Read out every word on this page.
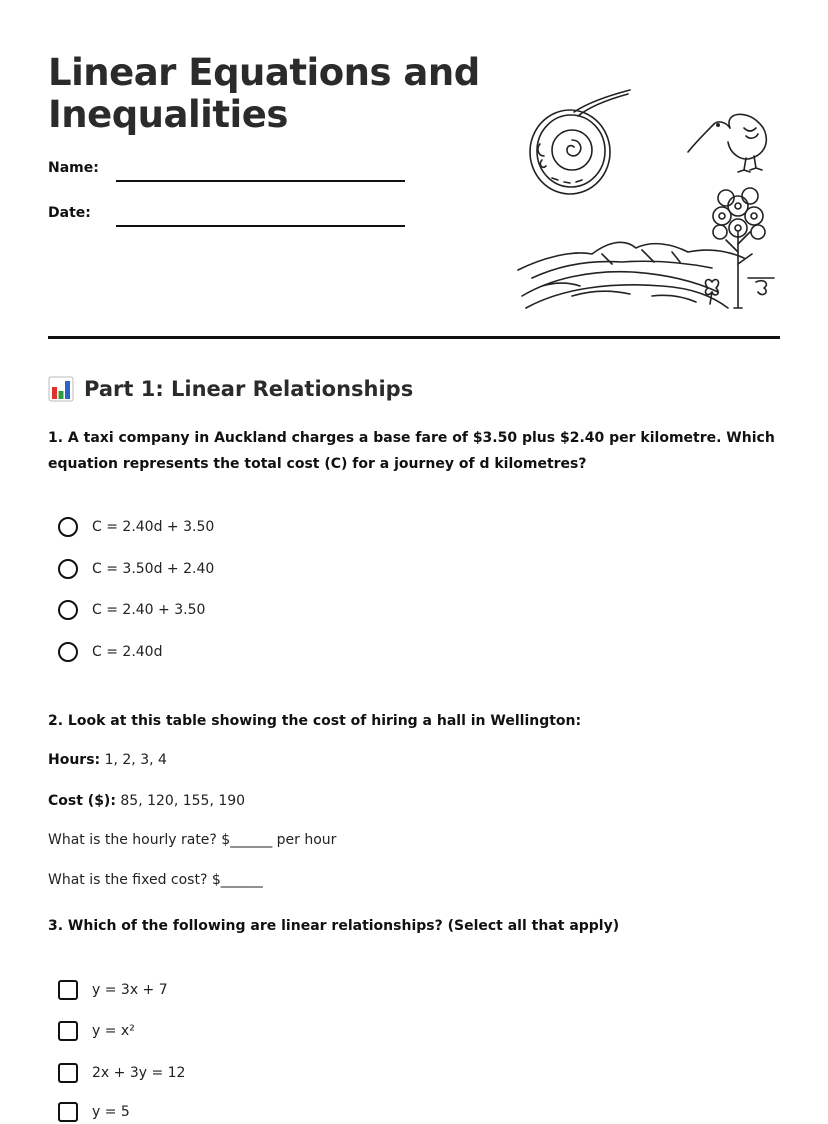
Linear Equations and
Inequalities
Name:
Date:
Part 1: Linear Relationships
1. A taxi company in Auckland charges a base fare of $3.50 plus $2.40 per kilometre. Which equation represents the total cost (C) for a journey of d kilometres?
C = 2.40d + 3.50
C = 3.50d + 2.40
C = 2.40 + 3.50
C = 2.40d
2. Look at this table showing the cost of hiring a hall in Wellington:
Hours: 1, 2, 3, 4
Cost ($): 85, 120, 155, 190
What is the hourly rate? $______ per hour
What is the fixed cost? $______
3. Which of the following are linear relationships? (Select all that apply)
y = 3x + 7
y = x²
2x + 3y = 12
y = 5
